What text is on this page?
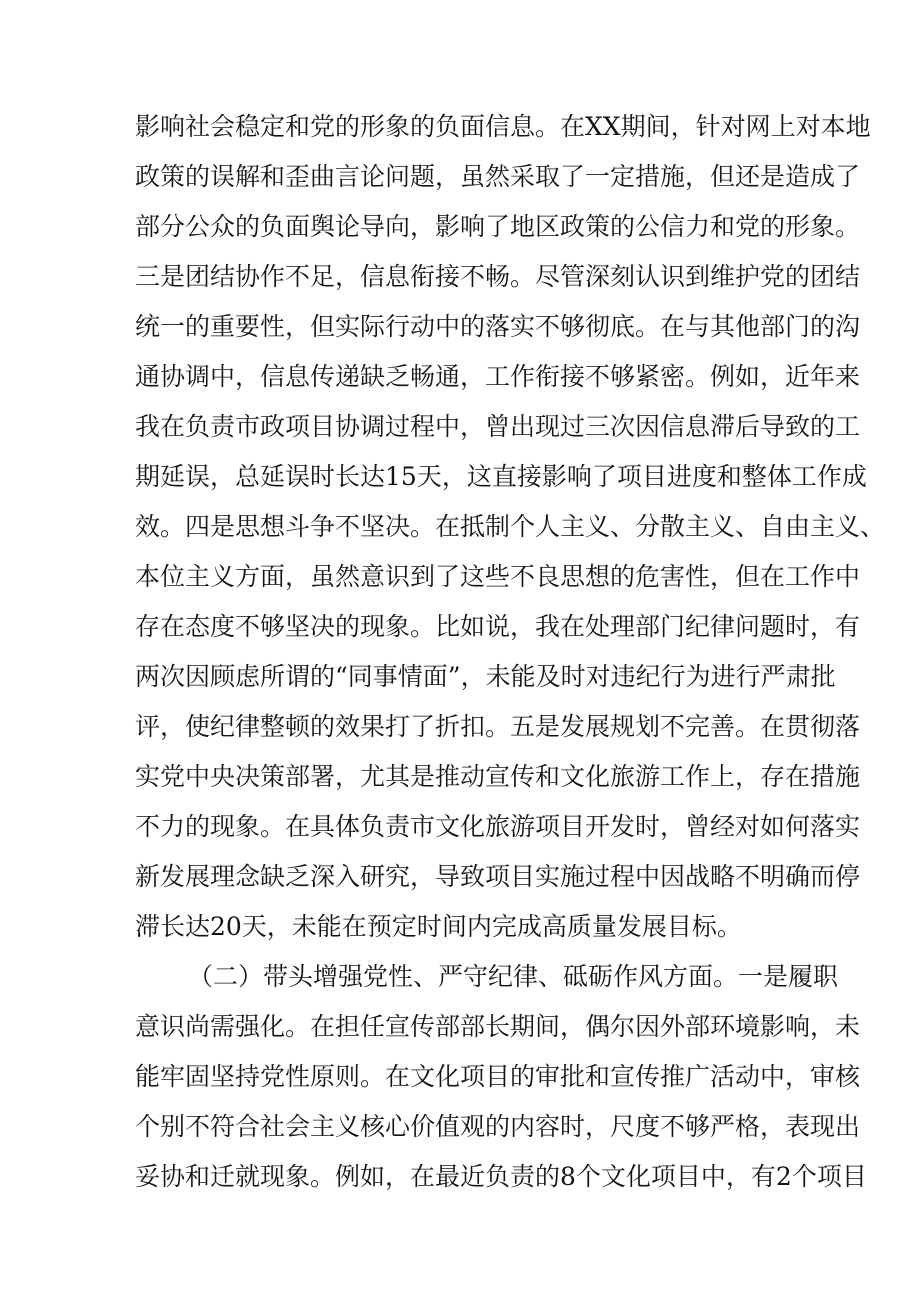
影响社会稳定和党的形象的负面信息。在XX期间，针对网上对本地
政策的误解和歪曲言论问题，虽然采取了一定措施，但还是造成了
部分公众的负面舆论导向，影响了地区政策的公信力和党的形象。
三是团结协作不足，信息衔接不畅。尽管深刻认识到维护党的团结
统一的重要性，但实际行动中的落实不够彻底。在与其他部门的沟
通协调中，信息传递缺乏畅通，工作衔接不够紧密。例如，近年来
我在负责市政项目协调过程中，曾出现过三次因信息滞后导致的工
期延误，总延误时长达15天，这直接影响了项目进度和整体工作成
效。四是思想斗争不坚决。在抵制个人主义、分散主义、自由主义、
本位主义方面，虽然意识到了这些不良思想的危害性，但在工作中
存在态度不够坚决的现象。比如说，我在处理部门纪律问题时，有
两次因顾虑所谓的“同事情面”，未能及时对违纪行为进行严肃批
评，使纪律整顿的效果打了折扣。五是发展规划不完善。在贯彻落
实党中央决策部署，尤其是推动宣传和文化旅游工作上，存在措施
不力的现象。在具体负责市文化旅游项目开发时，曾经对如何落实
新发展理念缺乏深入研究，导致项目实施过程中因战略不明确而停
滞长达20天，未能在预定时间内完成高质量发展目标。
（二）带头增强党性、严守纪律、砥砺作风方面。一是履职
意识尚需强化。在担任宣传部部长期间，偶尔因外部环境影响，未
能牢固坚持党性原则。在文化项目的审批和宣传推广活动中，审核
个别不符合社会主义核心价值观的内容时，尺度不够严格，表现出
妥协和迁就现象。例如，在最近负责的8个文化项目中，有2个项目
